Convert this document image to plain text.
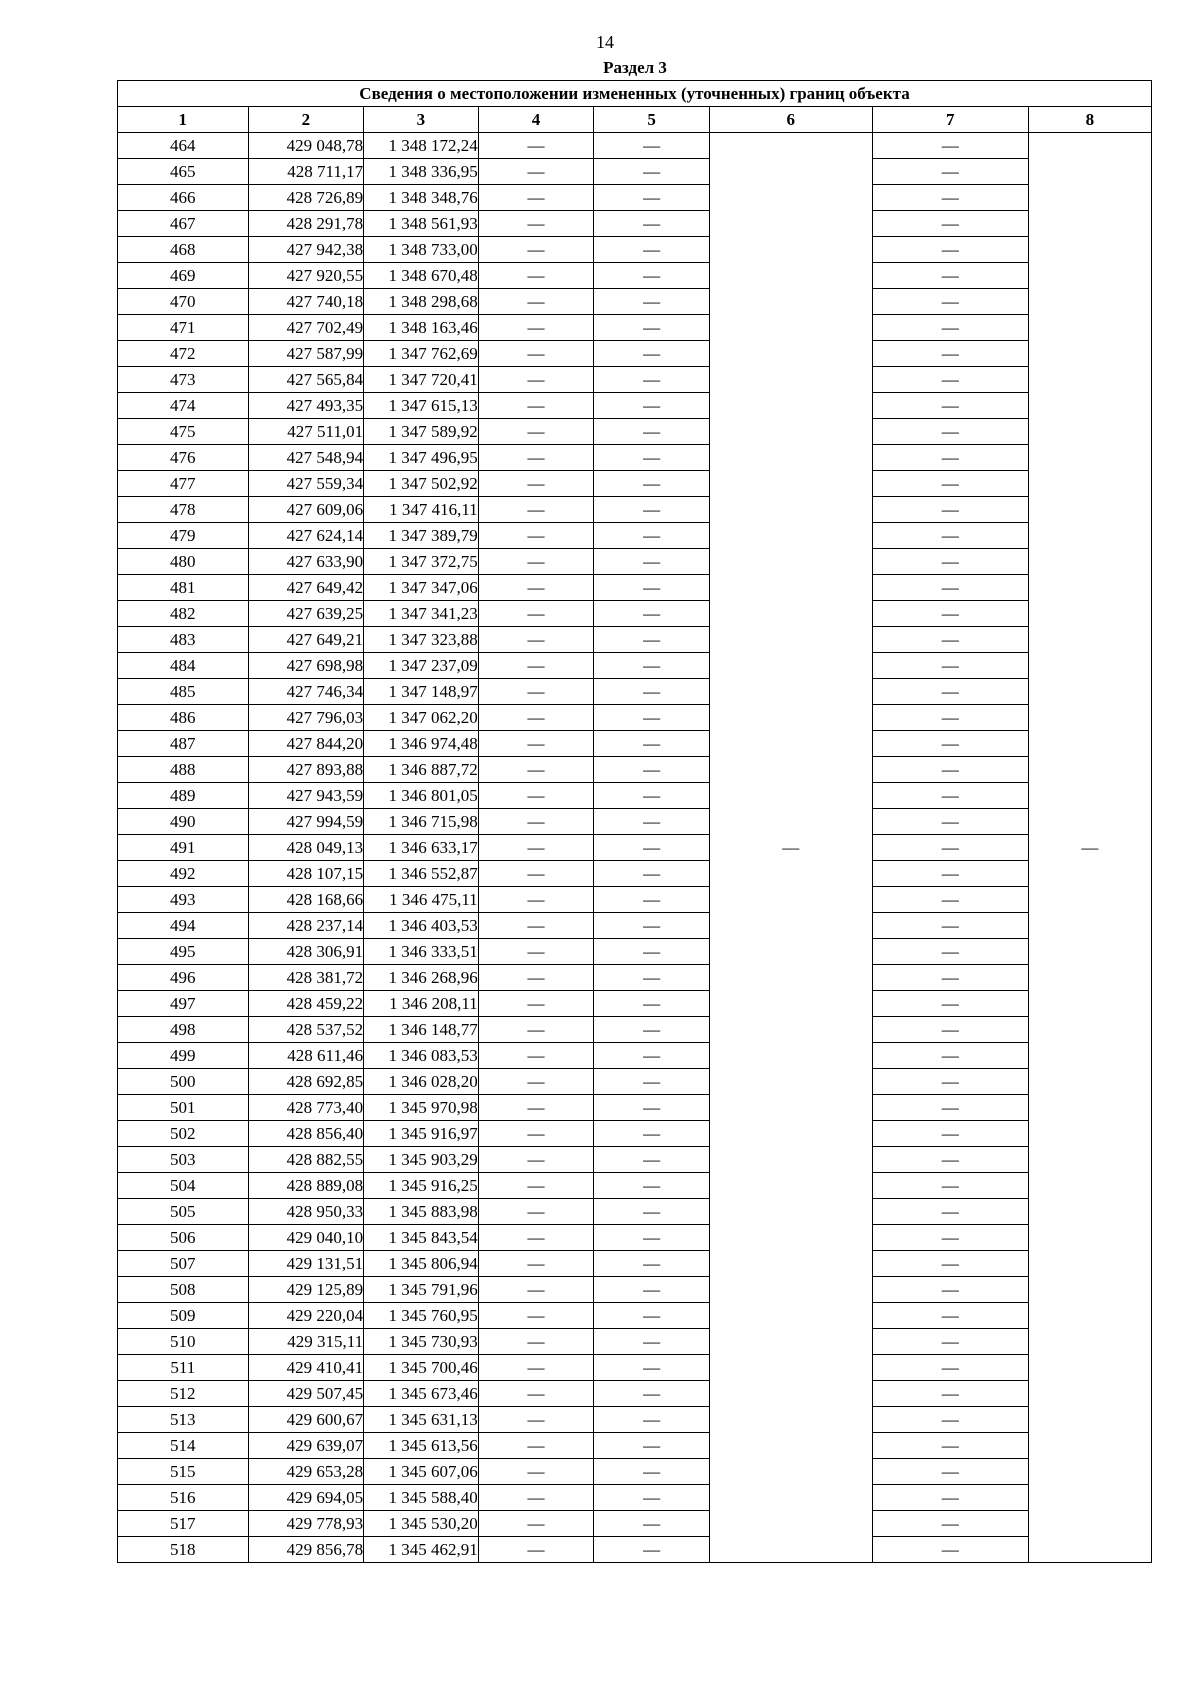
14
Раздел 3
Сведения о местоположении измененных (уточненных) границ объекта							
1	2	3	4	5	6	7	8
464	429 048,78	1 348 172,24	—	—	—	—	—
465	428 711,17	1 348 336,95	—	—		—	
466	428 726,89	1 348 348,76	—	—		—	
467	428 291,78	1 348 561,93	—	—		—	
468	427 942,38	1 348 733,00	—	—		—	
469	427 920,55	1 348 670,48	—	—		—	
470	427 740,18	1 348 298,68	—	—		—	
471	427 702,49	1 348 163,46	—	—		—	
472	427 587,99	1 347 762,69	—	—		—	
473	427 565,84	1 347 720,41	—	—		—	
474	427 493,35	1 347 615,13	—	—		—	
475	427 511,01	1 347 589,92	—	—		—	
476	427 548,94	1 347 496,95	—	—		—	
477	427 559,34	1 347 502,92	—	—		—	
478	427 609,06	1 347 416,11	—	—		—	
479	427 624,14	1 347 389,79	—	—		—	
480	427 633,90	1 347 372,75	—	—		—	
481	427 649,42	1 347 347,06	—	—		—	
482	427 639,25	1 347 341,23	—	—		—	
483	427 649,21	1 347 323,88	—	—		—	
484	427 698,98	1 347 237,09	—	—		—	
485	427 746,34	1 347 148,97	—	—		—	
486	427 796,03	1 347 062,20	—	—		—	
487	427 844,20	1 346 974,48	—	—		—	
488	427 893,88	1 346 887,72	—	—		—	
489	427 943,59	1 346 801,05	—	—		—	
490	427 994,59	1 346 715,98	—	—		—	
491	428 049,13	1 346 633,17	—	—		—	
492	428 107,15	1 346 552,87	—	—		—	
493	428 168,66	1 346 475,11	—	—		—	
494	428 237,14	1 346 403,53	—	—		—	
495	428 306,91	1 346 333,51	—	—		—	
496	428 381,72	1 346 268,96	—	—		—	
497	428 459,22	1 346 208,11	—	—		—	
498	428 537,52	1 346 148,77	—	—		—	
499	428 611,46	1 346 083,53	—	—		—	
500	428 692,85	1 346 028,20	—	—		—	
501	428 773,40	1 345 970,98	—	—		—	
502	428 856,40	1 345 916,97	—	—		—	
503	428 882,55	1 345 903,29	—	—		—	
504	428 889,08	1 345 916,25	—	—		—	
505	428 950,33	1 345 883,98	—	—		—	
506	429 040,10	1 345 843,54	—	—		—	
507	429 131,51	1 345 806,94	—	—		—	
508	429 125,89	1 345 791,96	—	—		—	
509	429 220,04	1 345 760,95	—	—		—	
510	429 315,11	1 345 730,93	—	—		—	
511	429 410,41	1 345 700,46	—	—		—	
512	429 507,45	1 345 673,46	—	—		—	
513	429 600,67	1 345 631,13	—	—		—	
514	429 639,07	1 345 613,56	—	—		—	
515	429 653,28	1 345 607,06	—	—		—	
516	429 694,05	1 345 588,40	—	—		—	
517	429 778,93	1 345 530,20	—	—		—	
518	429 856,78	1 345 462,91	—	—		—	
